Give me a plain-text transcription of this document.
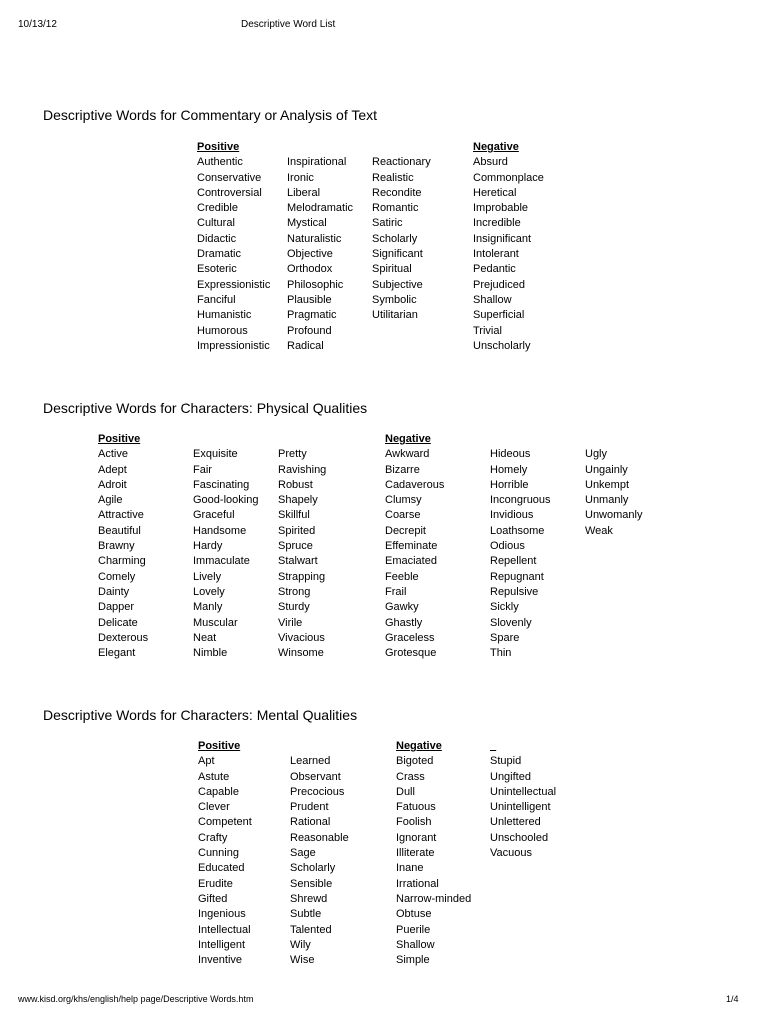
10/13/12	Descriptive Word List
Descriptive Words for Commentary or Analysis of Text
Positive
Authentic
Conservative
Controversial
Credible
Cultural
Didactic
Dramatic
Esoteric
Expressionistic
Fanciful
Humanistic
Humorous
Impressionistic
Inspirational
Ironic
Liberal
Melodramatic
Mystical
Naturalistic
Objective
Orthodox
Philosophic
Plausible
Pragmatic
Profound
Radical
Reactionary
Realistic
Recondite
Romantic
Satiric
Scholarly
Significant
Spiritual
Subjective
Symbolic
Utilitarian
Negative
Absurd
Commonplace
Heretical
Improbable
Incredible
Insignificant
Intolerant
Pedantic
Prejudiced
Shallow
Superficial
Trivial
Unscholarly
Descriptive Words for Characters: Physical Qualities
Positive
Active
Adept
Adroit
Agile
Attractive
Beautiful
Brawny
Charming
Comely
Dainty
Dapper
Delicate
Dexterous
Elegant
Exquisite
Fair
Fascinating
Good-looking
Graceful
Handsome
Hardy
Immaculate
Lively
Lovely
Manly
Muscular
Neat
Nimble
Pretty
Ravishing
Robust
Shapely
Skillful
Spirited
Spruce
Stalwart
Strapping
Strong
Sturdy
Virile
Vivacious
Winsome
Negative
Awkward
Bizarre
Cadaverous
Clumsy
Coarse
Decrepit
Effeminate
Emaciated
Feeble
Frail
Gawky
Ghastly
Graceless
Grotesque
Hideous
Homely
Horrible
Incongruous
Invidious
Loathsome
Odious
Repellent
Repugnant
Repulsive
Sickly
Slovenly
Spare
Thin
Ugly
Ungainly
Unkempt
Unmanly
Unwomanly
Weak
Descriptive Words for Characters: Mental Qualities
Positive
Apt
Astute
Capable
Clever
Competent
Crafty
Cunning
Educated
Erudite
Gifted
Ingenious
Intellectual
Intelligent
Inventive
Learned
Observant
Precocious
Prudent
Rational
Reasonable
Sage
Scholarly
Sensible
Shrewd
Subtle
Talented
Wily
Wise
Negative
Bigoted
Crass
Dull
Fatuous
Foolish
Ignorant
Illiterate
Inane
Irrational
Narrow-minded
Obtuse
Puerile
Shallow
Simple
_
Stupid
Ungifted
Unintellectual
Unintelligent
Unlettered
Unschooled
Vacuous
www.kisd.org/khs/english/help page/Descriptive Words.htm	1/4
